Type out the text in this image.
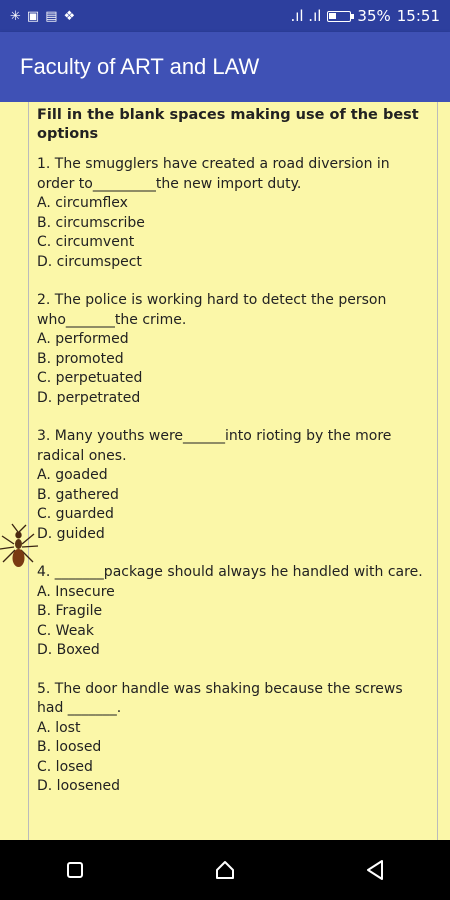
✳ ▣ ▤ ❖	.ıl .ıl 35% 15:51
Faculty of ART and LAW
Fill in the blank spaces making use of the best options
1. The smugglers have created a road diversion in order to_________the new import duty.
A. circumflex
B. circumscribe
C. circumvent
D. circumspect
2. The police is working hard to detect the person who_______the crime.
A. performed
B. promoted
C. perpetuated
D. perpetrated
3. Many youths were______into rioting by the more radical ones.
A. goaded
B. gathered
C. guarded
D. guided
4. _______package should always he handled with care.
A. Insecure
B. Fragile
C. Weak
D. Boxed
5. The door handle was shaking because the screws had _______.
A. lost
B. loosed
C. losed
D. loosened
